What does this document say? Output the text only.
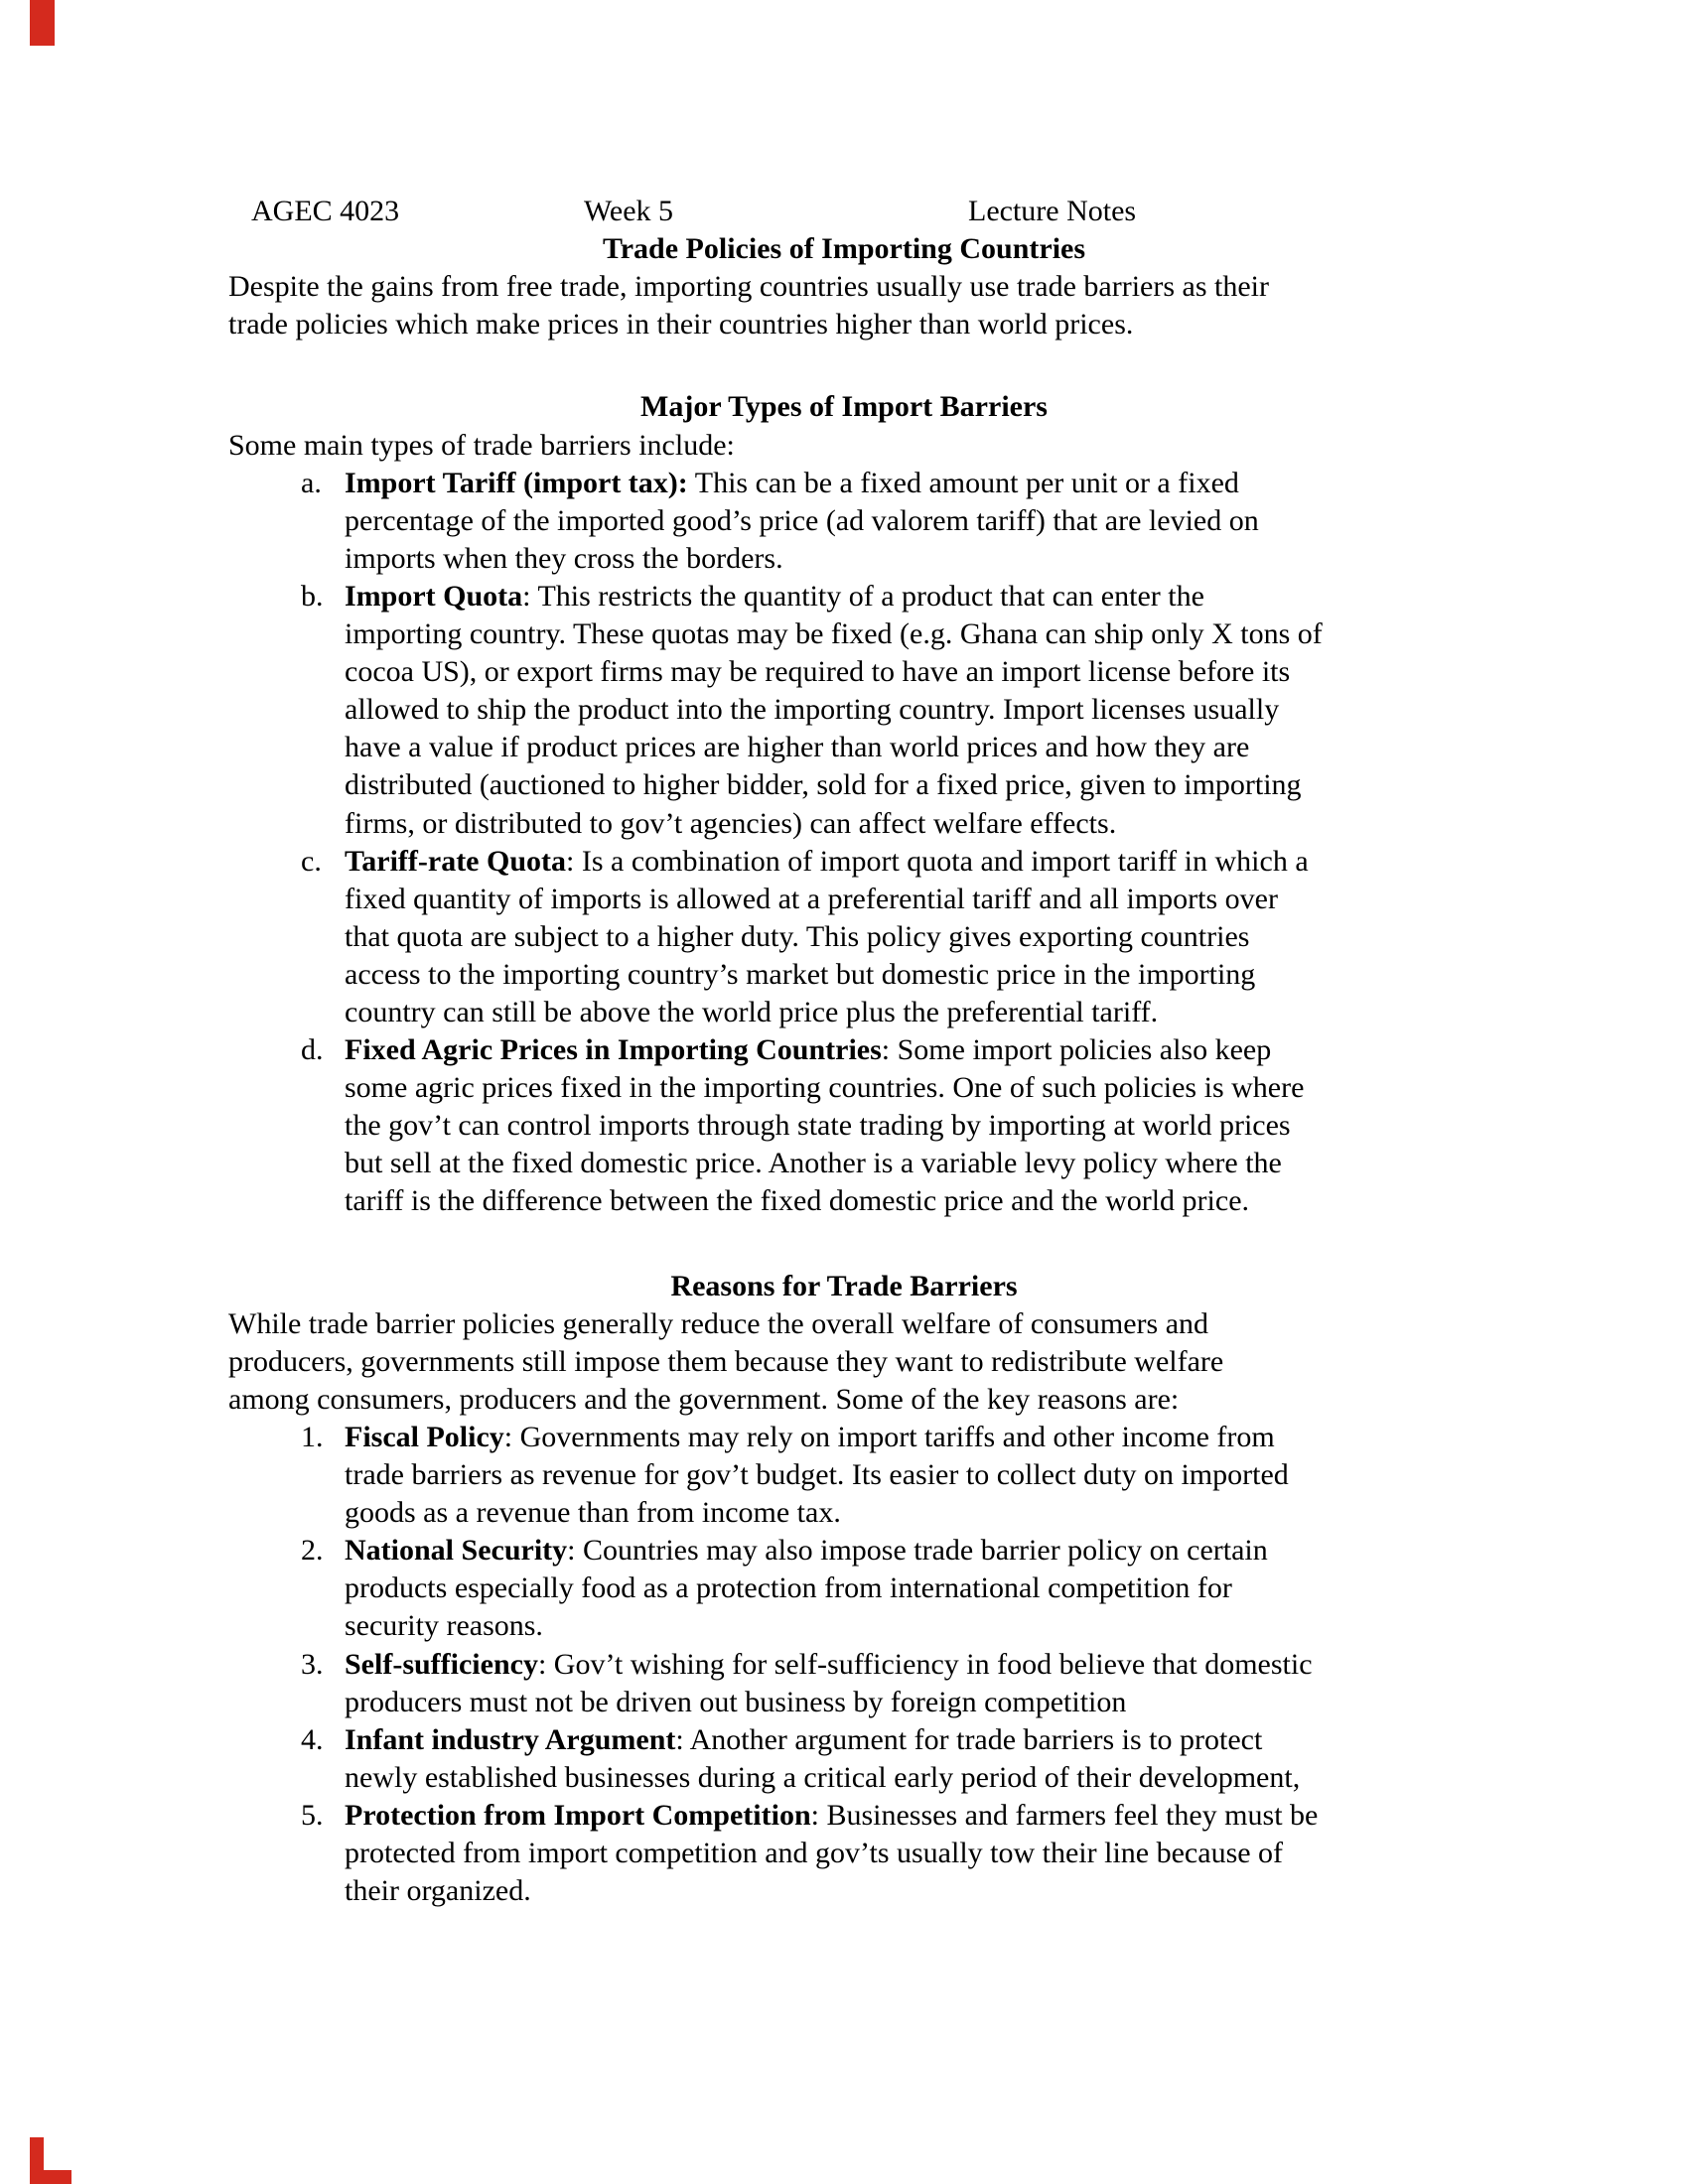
AGEC 4023	Week 5	Lecture Notes
Trade Policies of Importing Countries
Despite the gains from free trade, importing countries usually use trade barriers as their
trade policies which make prices in their countries higher than world prices.
Major Types of Import Barriers
Some main types of trade barriers include:
a. Import Tariff (import tax): This can be a fixed amount per unit or a fixed
percentage of the imported good’s price (ad valorem tariff) that are levied on
imports when they cross the borders.
b. Import Quota: This restricts the quantity of a product that can enter the
importing country. These quotas may be fixed (e.g. Ghana can ship only X tons of
cocoa US), or export firms may be required to have an import license before its
allowed to ship the product into the importing country. Import licenses usually
have a value if product prices are higher than world prices and how they are
distributed (auctioned to higher bidder, sold for a fixed price, given to importing
firms, or distributed to gov’t agencies) can affect welfare effects.
c. Tariff-rate Quota: Is a combination of import quota and import tariff in which a
fixed quantity of imports is allowed at a preferential tariff and all imports over
that quota are subject to a higher duty. This policy gives exporting countries
access to the importing country’s market but domestic price in the importing
country can still be above the world price plus the preferential tariff.
d. Fixed Agric Prices in Importing Countries: Some import policies also keep
some agric prices fixed in the importing countries. One of such policies is where
the gov’t can control imports through state trading by importing at world prices
but sell at the fixed domestic price. Another is a variable levy policy where the
tariff is the difference between the fixed domestic price and the world price.
Reasons for Trade Barriers
While trade barrier policies generally reduce the overall welfare of consumers and
producers, governments still impose them because they want to redistribute welfare
among consumers, producers and the government. Some of the key reasons are:
1. Fiscal Policy: Governments may rely on import tariffs and other income from
trade barriers as revenue for gov’t budget. Its easier to collect duty on imported
goods as a revenue than from income tax.
2. National Security: Countries may also impose trade barrier policy on certain
products especially food as a protection from international competition for
security reasons.
3. Self-sufficiency: Gov’t wishing for self-sufficiency in food believe that domestic
producers must not be driven out business by foreign competition
4. Infant industry Argument: Another argument for trade barriers is to protect
newly established businesses during a critical early period of their development,
5. Protection from Import Competition: Businesses and farmers feel they must be
protected from import competition and gov’ts usually tow their line because of
their organized.
